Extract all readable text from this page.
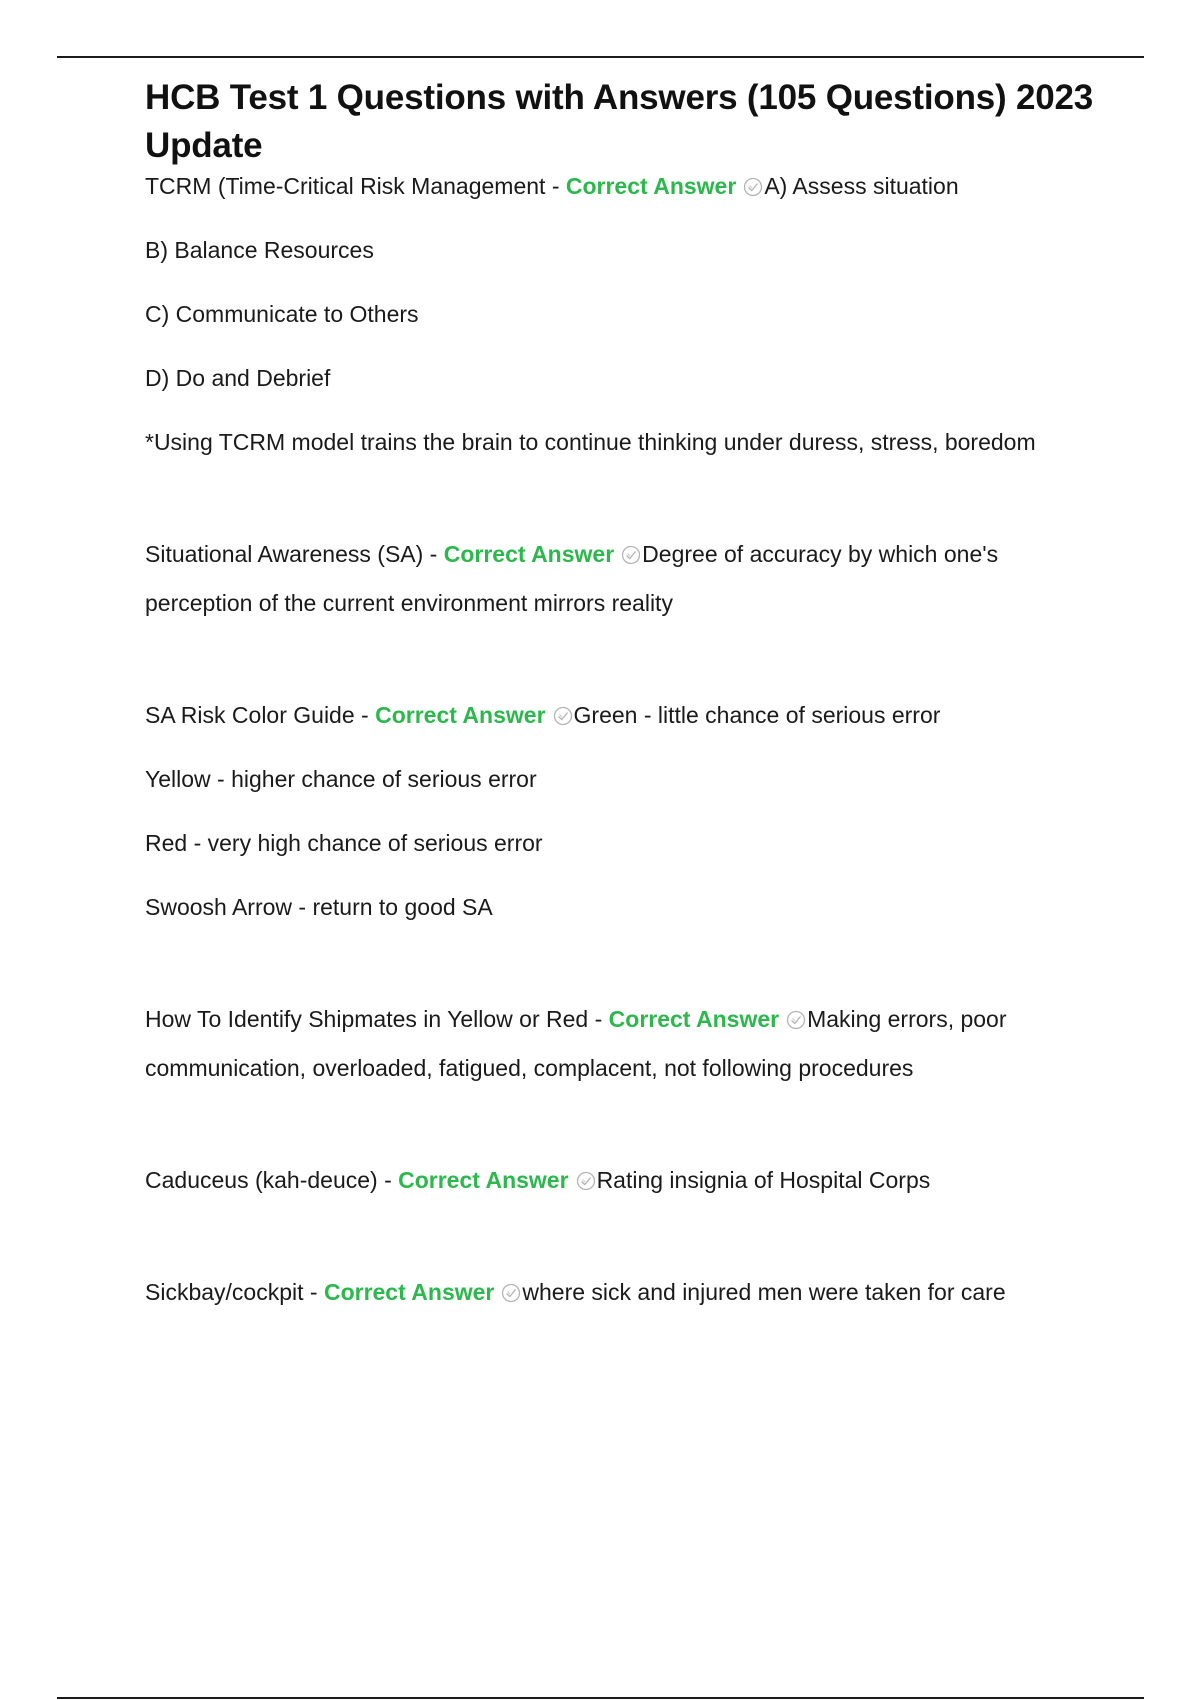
HCB Test 1 Questions with Answers (105 Questions) 2023 Update
TCRM (Time-Critical Risk Management - Correct Answer A) Assess situation
B) Balance Resources
C) Communicate to Others
D) Do and Debrief
*Using TCRM model trains the brain to continue thinking under duress, stress, boredom
Situational Awareness (SA) - Correct Answer Degree of accuracy by which one's perception of the current environment mirrors reality
SA Risk Color Guide - Correct Answer Green - little chance of serious error
Yellow - higher chance of serious error
Red - very high chance of serious error
Swoosh Arrow - return to good SA
How To Identify Shipmates in Yellow or Red - Correct Answer Making errors, poor communication, overloaded, fatigued, complacent, not following procedures
Caduceus (kah-deuce) - Correct Answer Rating insignia of Hospital Corps
Sickbay/cockpit - Correct Answer where sick and injured men were taken for care
